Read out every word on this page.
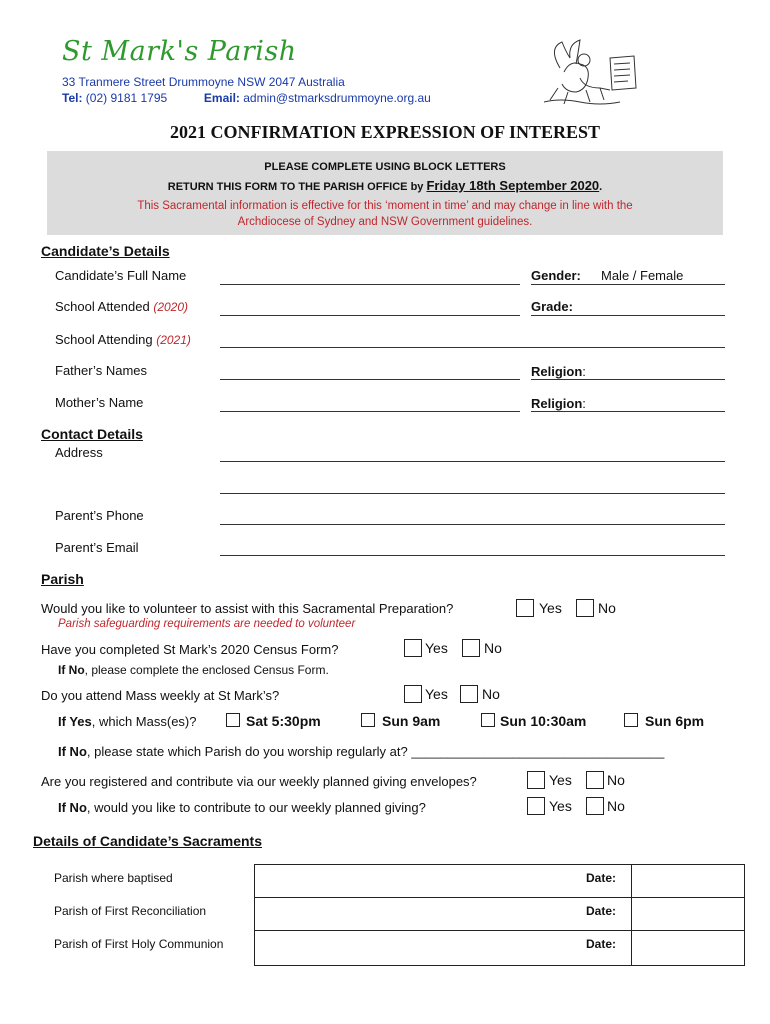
St Mark's Parish
33 Tranmere Street Drummoyne NSW 2047 Australia
Tel: (02) 9181 1795	Email: admin@stmarksdrummoyne.org.au
2021 CONFIRMATION EXPRESSION OF INTEREST
PLEASE COMPLETE USING BLOCK LETTERS
RETURN THIS FORM TO THE PARISH OFFICE by Friday 18th September 2020.
This Sacramental information is effective for this ‘moment in time’ and may change in line with the
Archdiocese of Sydney and NSW Government guidelines.
Candidate’s Details
Candidate’s Full Name	Gender: Male / Female
School Attended (2020)	Grade:
School Attending (2021)
Father’s Names	Religion:
Mother’s Name	Religion:
Contact Details
Address
Parent’s Phone
Parent’s Email
Parish
Would you like to volunteer to assist with this Sacramental Preparation?	Yes	No
Parish safeguarding requirements are needed to volunteer
Have you completed St Mark’s 2020 Census Form?	Yes	No
If No, please complete the enclosed Census Form.
Do you attend Mass weekly at St Mark’s?	Yes No
If Yes, which Mass(es)?	Sat 5:30pm	Sun 9am	Sun 10:30am	Sun 6pm
If No, please state which Parish do you worship regularly at? ___________________________________
Are you registered and contribute via our weekly planned giving envelopes?	Yes	No
If No, would you like to contribute to our weekly planned giving?	Yes	No
Details of Candidate’s Sacraments
Parish where baptised	Date:
Parish of First Reconciliation	Date:
Parish of First Holy Communion	Date:
